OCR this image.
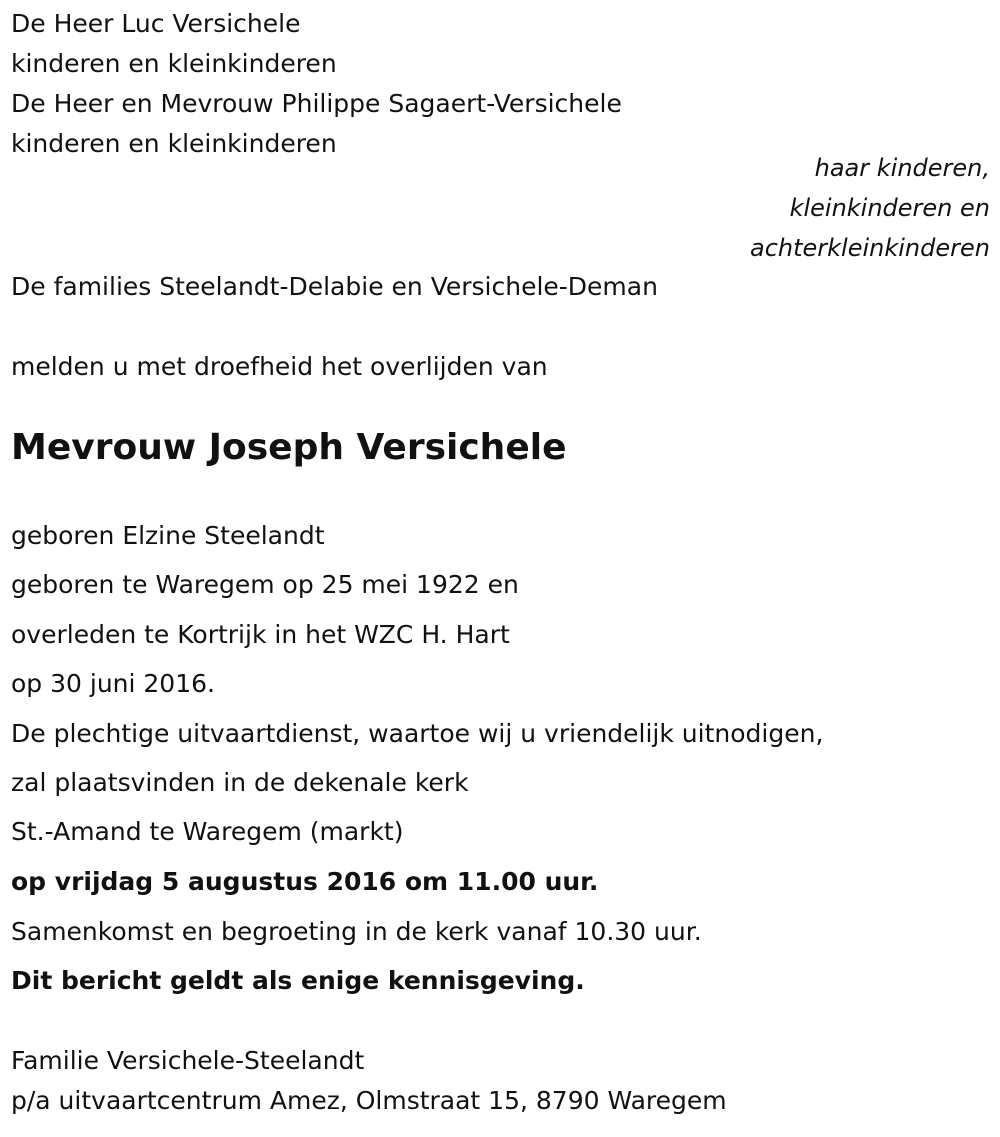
De Heer Luc Versichele
kinderen en kleinkinderen
De Heer en Mevrouw Philippe Sagaert-Versichele
kinderen en kleinkinderen
haar kinderen,
kleinkinderen en
achterkleinkinderen
De families Steelandt-Delabie en Versichele-Deman
melden u met droefheid het overlijden van
Mevrouw Joseph Versichele
geboren Elzine Steelandt
geboren te Waregem op 25 mei 1922 en
overleden te Kortrijk in het WZC H. Hart
op 30 juni 2016.
De plechtige uitvaartdienst, waartoe wij u vriendelijk uitnodigen,
zal plaatsvinden in de dekenale kerk
St.-Amand te Waregem (markt)
op vrijdag 5 augustus 2016 om 11.00 uur.
Samenkomst en begroeting in de kerk vanaf 10.30 uur.
Dit bericht geldt als enige kennisgeving.
Familie Versichele-Steelandt
p/a uitvaartcentrum Amez, Olmstraat 15, 8790 Waregem
